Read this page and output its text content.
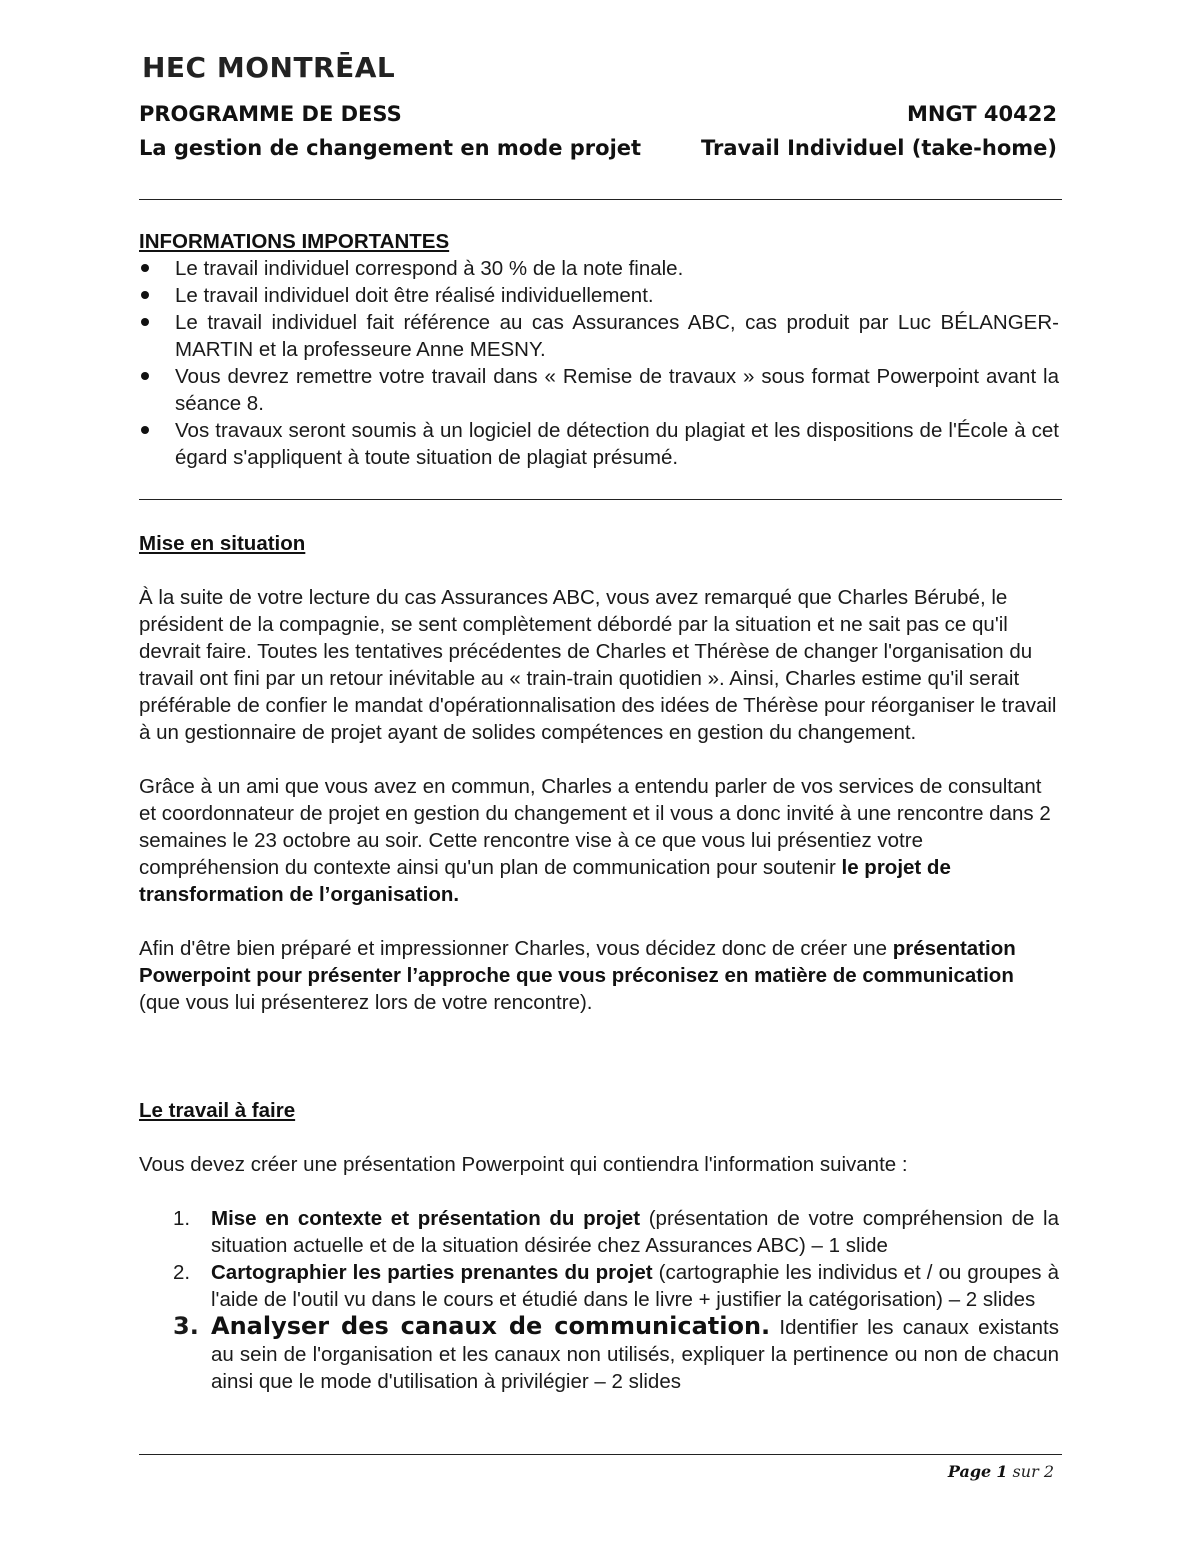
HEC MONTRĒAL
PROGRAMME DE DESS	MNGT 40422
La gestion de changement en mode projet	Travail Individuel (take-home)
INFORMATIONS IMPORTANTES
Le travail individuel correspond à 30 % de la note finale.
Le travail individuel doit être réalisé individuellement.
Le travail individuel fait référence au cas Assurances ABC, cas produit par Luc BÉLANGER-MARTIN et la professeure Anne MESNY.
Vous devrez remettre votre travail dans « Remise de travaux » sous format Powerpoint avant la séance 8.
Vos travaux seront soumis à un logiciel de détection du plagiat et les dispositions de l'École à cet égard s'appliquent à toute situation de plagiat présumé.
Mise en situation

À la suite de votre lecture du cas Assurances ABC, vous avez remarqué que Charles Bérubé, le président de la compagnie, se sent complètement débordé par la situation et ne sait pas ce qu'il devrait faire. Toutes les tentatives précédentes de Charles et Thérèse de changer l'organisation du travail ont fini par un retour inévitable au « train-train quotidien ». Ainsi, Charles estime qu'il serait préférable de confier le mandat d'opérationnalisation des idées de Thérèse pour réorganiser le travail à un gestionnaire de projet ayant de solides compétences en gestion du changement.

Grâce à un ami que vous avez en commun, Charles a entendu parler de vos services de consultant et coordonnateur de projet en gestion du changement et il vous a donc invité à une rencontre dans 2 semaines le 23 octobre au soir. Cette rencontre vise à ce que vous lui présentiez votre compréhension du contexte ainsi qu'un plan de communication pour soutenir le projet de transformation de l’organisation.

Afin d'être bien préparé et impressionner Charles, vous décidez donc de créer une présentation Powerpoint pour présenter l’approche que vous préconisez en matière de communication (que vous lui présenterez lors de votre rencontre).

Le travail à faire

Vous devez créer une présentation Powerpoint qui contiendra l'information suivante :

1. Mise en contexte et présentation du projet (présentation de votre compréhension de la situation actuelle et de la situation désirée chez Assurances ABC) – 1 slide
2. Cartographier les parties prenantes du projet (cartographie les individus et / ou groupes à l'aide de l'outil vu dans le cours et étudié dans le livre + justifier la catégorisation) – 2 slides
3. Analyser des canaux de communication. Identifier les canaux existants au sein de l'organisation et les canaux non utilisés, expliquer la pertinence ou non de chacun ainsi que le mode d'utilisation à privilégier – 2 slides
Page 1 sur 2
